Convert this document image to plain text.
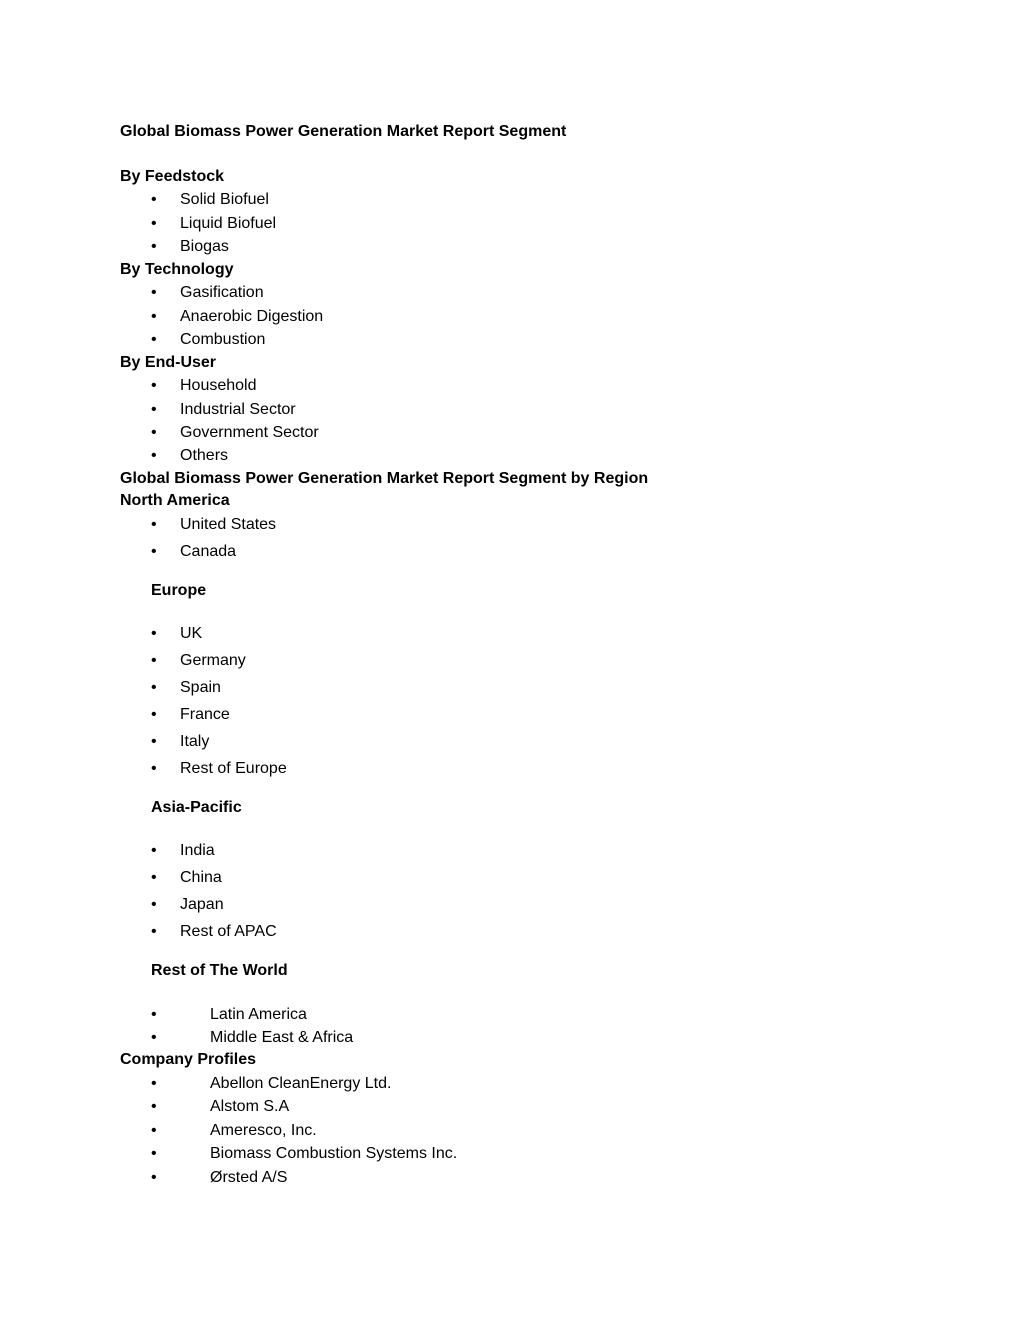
Global Biomass Power Generation Market Report Segment
By Feedstock
• Solid Biofuel
• Liquid Biofuel
• Biogas
By Technology
• Gasification
• Anaerobic Digestion
• Combustion
By End-User
• Household
• Industrial Sector
• Government Sector
• Others
Global Biomass Power Generation Market Report Segment by Region
North America
• United States
• Canada
Europe
• UK
• Germany
• Spain
• France
• Italy
• Rest of Europe
Asia-Pacific
• India
• China
• Japan
• Rest of APAC
Rest of The World
•	Latin America
•	Middle East & Africa
Company Profiles
•	Abellon CleanEnergy Ltd.
•	Alstom S.A
•	Ameresco, Inc.
•	Biomass Combustion Systems Inc.
•	Ørsted A/S
